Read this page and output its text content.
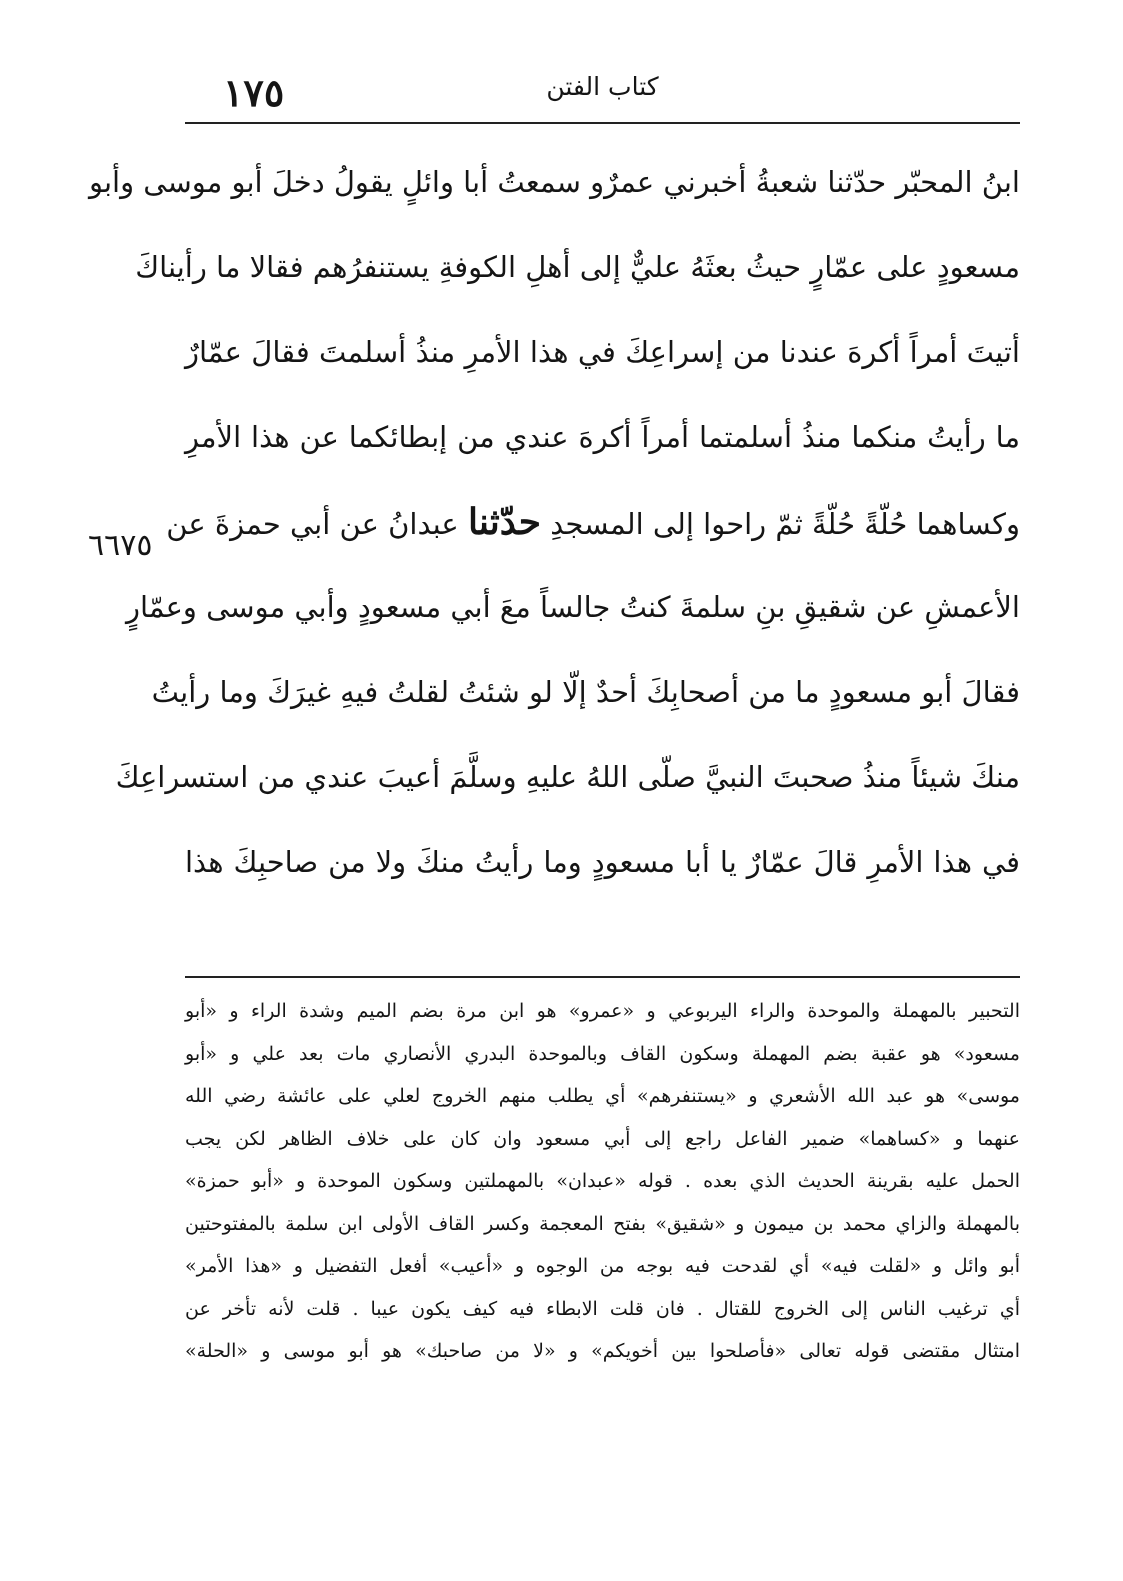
كتاب الفتن
١٧٥
ابنُ المحبّر حدّثنا شعبةُ أخبرني عمرٌو سمعتُ أبا وائلٍ يقولُ دخلَ أبو موسى وأبو
مسعودٍ على عمّارٍ حيثُ بعثَهُ عليٌّ إلى أهلِ الكوفةِ يستنفرُهم فقالا ما رأيناكَ
أتيتَ أمراً أكرهَ عندنا من إسراعِكَ في هذا الأمرِ منذُ أسلمتَ فقالَ عمّارٌ
ما رأيتُ منكما منذُ أسلمتما أمراً أكرهَ عندي من إبطائكما عن هذا الأمرِ
وكساهما حُلّةً حُلّةً ثمّ راحوا إلى المسجدِ حدّثنا عبدانُ عن أبي حمزةَ عن
الأعمشِ عن شقيقِ بنِ سلمةَ كنتُ جالساً معَ أبي مسعودٍ وأبي موسى وعمّارٍ
فقالَ أبو مسعودٍ ما من أصحابِكَ أحدٌ إلّا لو شئتُ لقلتُ فيهِ غيرَكَ وما رأيتُ
منكَ شيئاً منذُ صحبتَ النبيَّ صلّى اللهُ عليهِ وسلَّمَ أعيبَ عندي من استسراعِكَ
في هذا الأمرِ قالَ عمّارٌ يا أبا مسعودٍ وما رأيتُ منكَ ولا من صاحبِكَ هذا
٦٦٧٥
التحبير بالمهملة والموحدة والراء اليربوعي و «عمرو» هو ابن مرة بضم الميم وشدة الراء و «أبو
مسعود» هو عقبة بضم المهملة وسكون القاف وبالموحدة البدري الأنصاري مات بعد علي و «أبو
موسى» هو عبد الله الأشعري و «يستنفرهم» أي يطلب منهم الخروج لعلي على عائشة رضي الله
عنهما و «كساهما» ضمير الفاعل راجع إلى أبي مسعود وان كان على خلاف الظاهر لكن يجب
الحمل عليه بقرينة الحديث الذي بعده . قوله «عبدان» بالمهملتين وسكون الموحدة و «أبو حمزة»
بالمهملة والزاي محمد بن ميمون و «شقيق» بفتح المعجمة وكسر القاف الأولى ابن سلمة بالمفتوحتين
أبو وائل و «لقلت فيه» أي لقدحت فيه بوجه من الوجوه و «أعيب» أفعل التفضيل و «هذا الأمر»
أي ترغيب الناس إلى الخروج للقتال . فان قلت الابطاء فيه كيف يكون عيبا . قلت لأنه تأخر عن
امتثال مقتضى قوله تعالى «فأصلحوا بين أخويكم» و «لا من صاحبك» هو أبو موسى و «الحلة»
